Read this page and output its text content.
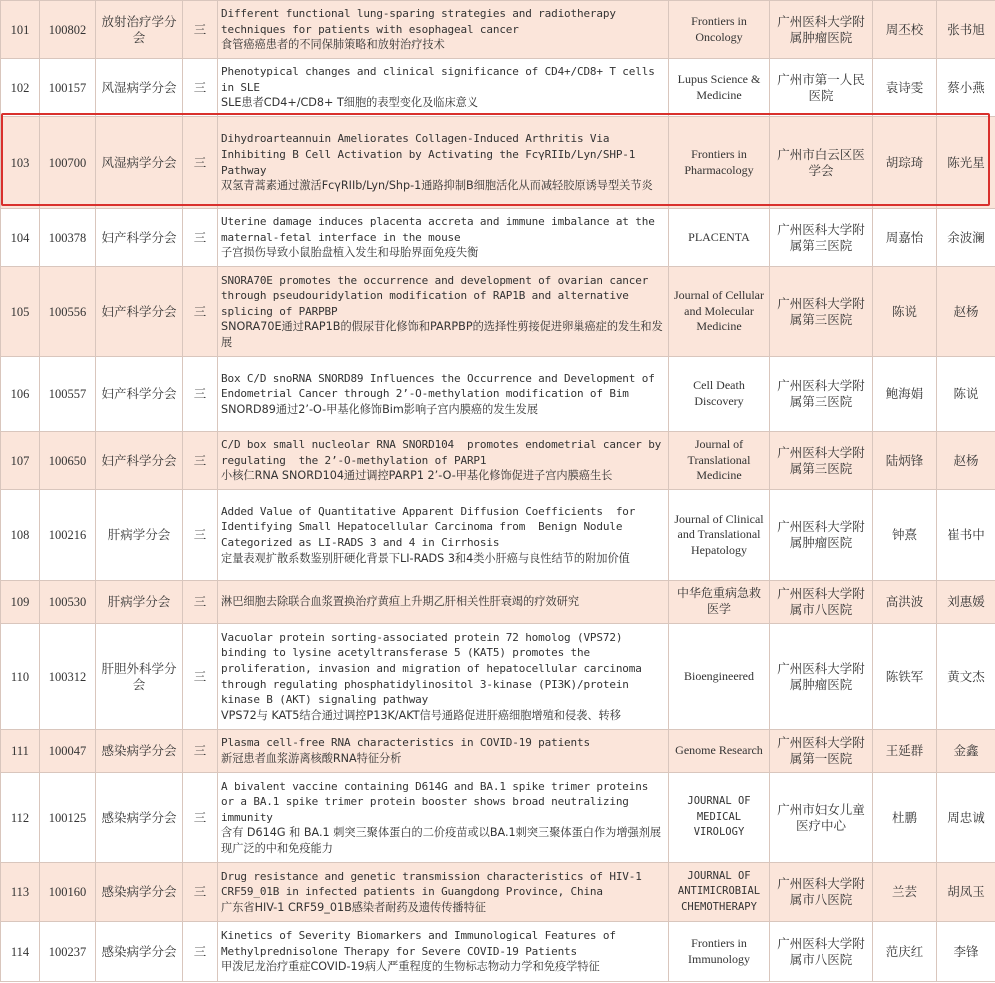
101	100802	放射治疗学分会	三	Different functional lung-sparing strategies and radiotherapy techniques for patients with esophageal cancer
食管癌癌患者的不同保肺策略和放射治疗技术	Frontiers in Oncology	广州医科大学附属肿瘤医院	周丕校	张书旭
102	100157	风湿病学分会	三	Phenotypical changes and clinical significance of CD4+/CD8+ T cells in SLE
SLE患者CD4+/CD8+ T细胞的表型变化及临床意义	Lupus Science & Medicine	广州市第一人民医院	袁诗雯	蔡小燕
103	100700	风湿病学分会	三	Dihydroarteannuin Ameliorates Collagen-Induced Arthritis Via Inhibiting B Cell Activation by Activating the FcγRIIb/Lyn/SHP-1 Pathway
双氢青蒿素通过激活FcγRIIb/Lyn/Shp-1通路抑制B细胞活化从而减轻胶原诱导型关节炎	Frontiers in Pharmacology	广州市白云区医学会	胡琮琦	陈光星
104	100378	妇产科学分会	三	Uterine damage induces placenta accreta and immune imbalance at the maternal-fetal interface in the mouse
子宫损伤导致小鼠胎盘植入发生和母胎界面免疫失衡	PLACENTA	广州医科大学附属第三医院	周嘉怡	余波澜
105	100556	妇产科学分会	三	SNORA70E promotes the occurrence and development of ovarian cancer through pseudouridylation modification of RAP1B and alternative splicing of PARPBP
SNORA70E通过RAP1B的假尿苷化修饰和PARPBP的选择性剪接促进卵巢癌症的发生和发展	Journal of Cellular and Molecular Medicine	广州医科大学附属第三医院	陈说	赵杨
106	100557	妇产科学分会	三	Box C/D snoRNA SNORD89 Influences the Occurrence and Development of Endometrial Cancer through 2’-O-methylation modification of Bim
SNORD89通过2’-O-甲基化修饰Bim影响子宫内膜癌的发生发展	Cell Death Discovery	广州医科大学附属第三医院	鲍海娟	陈说
107	100650	妇产科学分会	三	C/D box small nucleolar RNA SNORD104  promotes endometrial cancer by regulating  the 2’-O-methylation of PARP1
小核仁RNA SNORD104通过调控PARP1 2’-O-甲基化修饰促进子宫内膜癌生长	Journal of Translational Medicine	广州医科大学附属第三医院	陆炳锋	赵杨
108	100216	肝病学分会	三	Added Value of Quantitative Apparent Diffusion Coefficients  for Identifying Small Hepatocellular Carcinoma from  Benign Nodule Categorized as LI-RADS 3 and 4 in Cirrhosis
定量表观扩散系数鉴别肝硬化背景下LI-RADS 3和4类小肝癌与良性结节的附加价值	Journal of Clinical and Translational Hepatology	广州医科大学附属肿瘤医院	钟熹	崔书中
109	100530	肝病学分会	三	淋巴细胞去除联合血浆置换治疗黄疸上升期乙肝相关性肝衰竭的疗效研究	中华危重病急救医学	广州医科大学附属市八医院	高洪波	刘惠媛
110	100312	肝胆外科学分会	三	Vacuolar protein sorting-associated protein 72 homolog (VPS72) binding to lysine acetyltransferase 5 (KAT5) promotes the proliferation, invasion and migration of hepatocellular carcinoma through regulating phosphatidylinositol 3-kinase (PI3K)/protein kinase B (AKT) signaling pathway
VPS72与 KAT5结合通过调控P13K/AKT信号通路促进肝癌细胞增殖和侵袭、转移	Bioengineered	广州医科大学附属肿瘤医院	陈铁军	黄文杰
111	100047	感染病学分会	三	Plasma cell-free RNA characteristics in COVID-19 patients
新冠患者血浆游离核酸RNA特征分析	Genome Research	广州医科大学附属第一医院	王延群	金鑫
112	100125	感染病学分会	三	A bivalent vaccine containing D614G and BA.1 spike trimer proteins or a BA.1 spike trimer protein booster shows broad neutralizing immunity
含有 D614G 和 BA.1 刺突三聚体蛋白的二价疫苗或以BA.1刺突三聚体蛋白作为增强剂展现广泛的中和免疫能力	JOURNAL OF MEDICAL VIROLOGY	广州市妇女儿童医疗中心	杜鹏	周忠诚
113	100160	感染病学分会	三	Drug resistance and genetic transmission characteristics of HIV-1 CRF59_01B in infected patients in Guangdong Province, China
广东省HIV-1 CRF59_01B感染者耐药及遗传传播特征	JOURNAL OF ANTIMICROBIAL CHEMOTHERAPY	广州医科大学附属市八医院	兰芸	胡凤玉
114	100237	感染病学分会	三	Kinetics of Severity Biomarkers and Immunological Features of Methylprednisolone Therapy for Severe COVID-19 Patients
甲泼尼龙治疗重症COVID-19病人严重程度的生物标志物动力学和免疫学特征	Frontiers in Immunology	广州医科大学附属市八医院	范庆红	李锋
